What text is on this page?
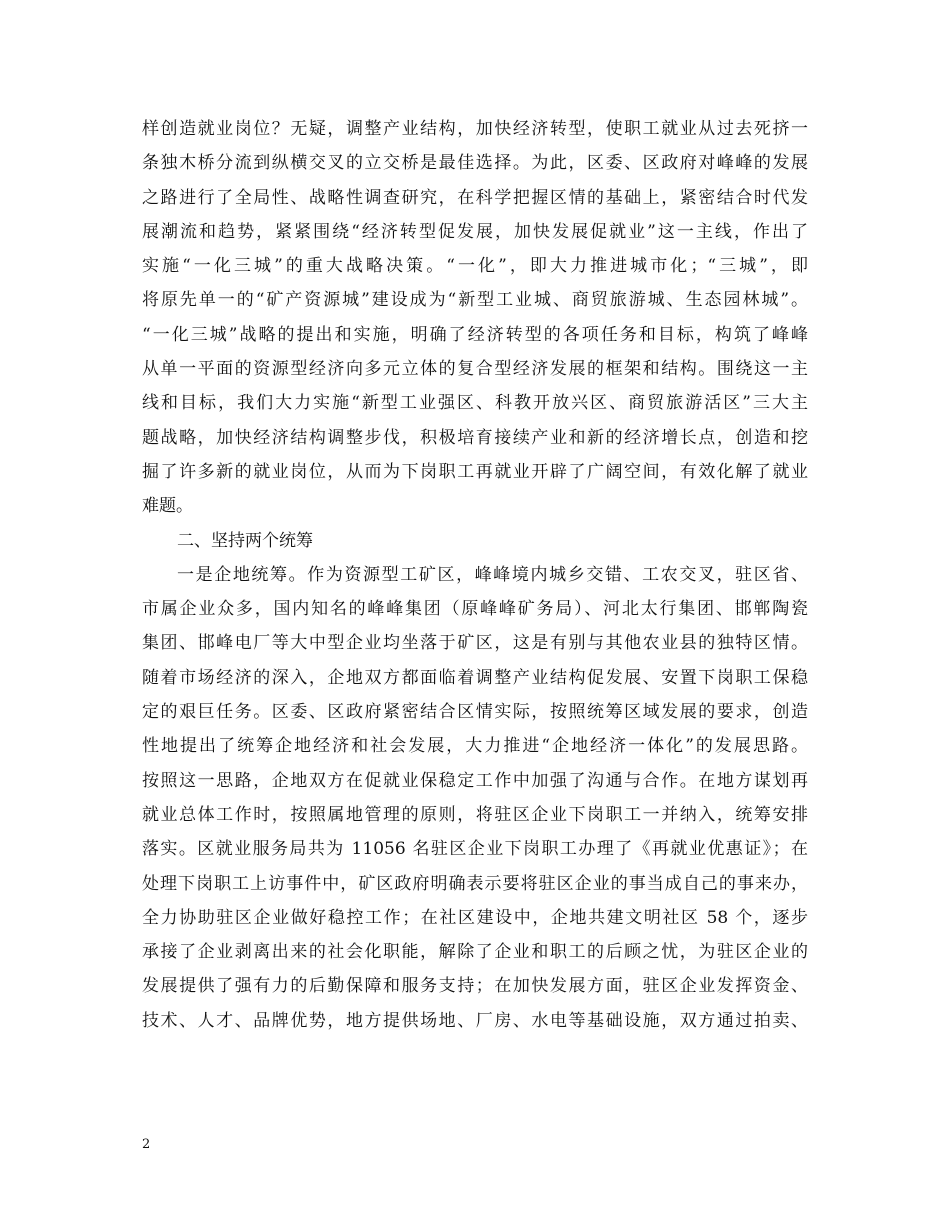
样创造就业岗位？无疑，调整产业结构，加快经济转型，使职工就业从过去死挤一
条独木桥分流到纵横交叉的立交桥是最佳选择。为此，区委、区政府对峰峰的发展
之路进行了全局性、战略性调查研究，在科学把握区情的基础上，紧密结合时代发
展潮流和趋势，紧紧围绕“经济转型促发展，加快发展促就业”这一主线，作出了
实施“一化三城”的重大战略决策。“一化”，即大力推进城市化；“三城”，即
将原先单一的“矿产资源城”建设成为“新型工业城、商贸旅游城、生态园林城”。
“一化三城”战略的提出和实施，明确了经济转型的各项任务和目标，构筑了峰峰
从单一平面的资源型经济向多元立体的复合型经济发展的框架和结构。围绕这一主
线和目标，我们大力实施“新型工业强区、科教开放兴区、商贸旅游活区”三大主
题战略，加快经济结构调整步伐，积极培育接续产业和新的经济增长点，创造和挖
掘了许多新的就业岗位，从而为下岗职工再就业开辟了广阔空间，有效化解了就业
难题。
二、坚持两个统筹
一是企地统筹。作为资源型工矿区，峰峰境内城乡交错、工农交叉，驻区省、
市属企业众多，国内知名的峰峰集团（原峰峰矿务局）、河北太行集团、邯郸陶瓷
集团、邯峰电厂等大中型企业均坐落于矿区，这是有别与其他农业县的独特区情。
随着市场经济的深入，企地双方都面临着调整产业结构促发展、安置下岗职工保稳
定的艰巨任务。区委、区政府紧密结合区情实际，按照统筹区域发展的要求，创造
性地提出了统筹企地经济和社会发展，大力推进“企地经济一体化”的发展思路。
按照这一思路，企地双方在促就业保稳定工作中加强了沟通与合作。在地方谋划再
就业总体工作时，按照属地管理的原则，将驻区企业下岗职工一并纳入，统筹安排
落实。区就业服务局共为 11056 名驻区企业下岗职工办理了《再就业优惠证》；在
处理下岗职工上访事件中，矿区政府明确表示要将驻区企业的事当成自己的事来办，
全力协助驻区企业做好稳控工作；在社区建设中，企地共建文明社区 58 个，逐步
承接了企业剥离出来的社会化职能，解除了企业和职工的后顾之忧，为驻区企业的
发展提供了强有力的后勤保障和服务支持；在加快发展方面，驻区企业发挥资金、
技术、人才、品牌优势，地方提供场地、厂房、水电等基础设施，双方通过拍卖、
2
